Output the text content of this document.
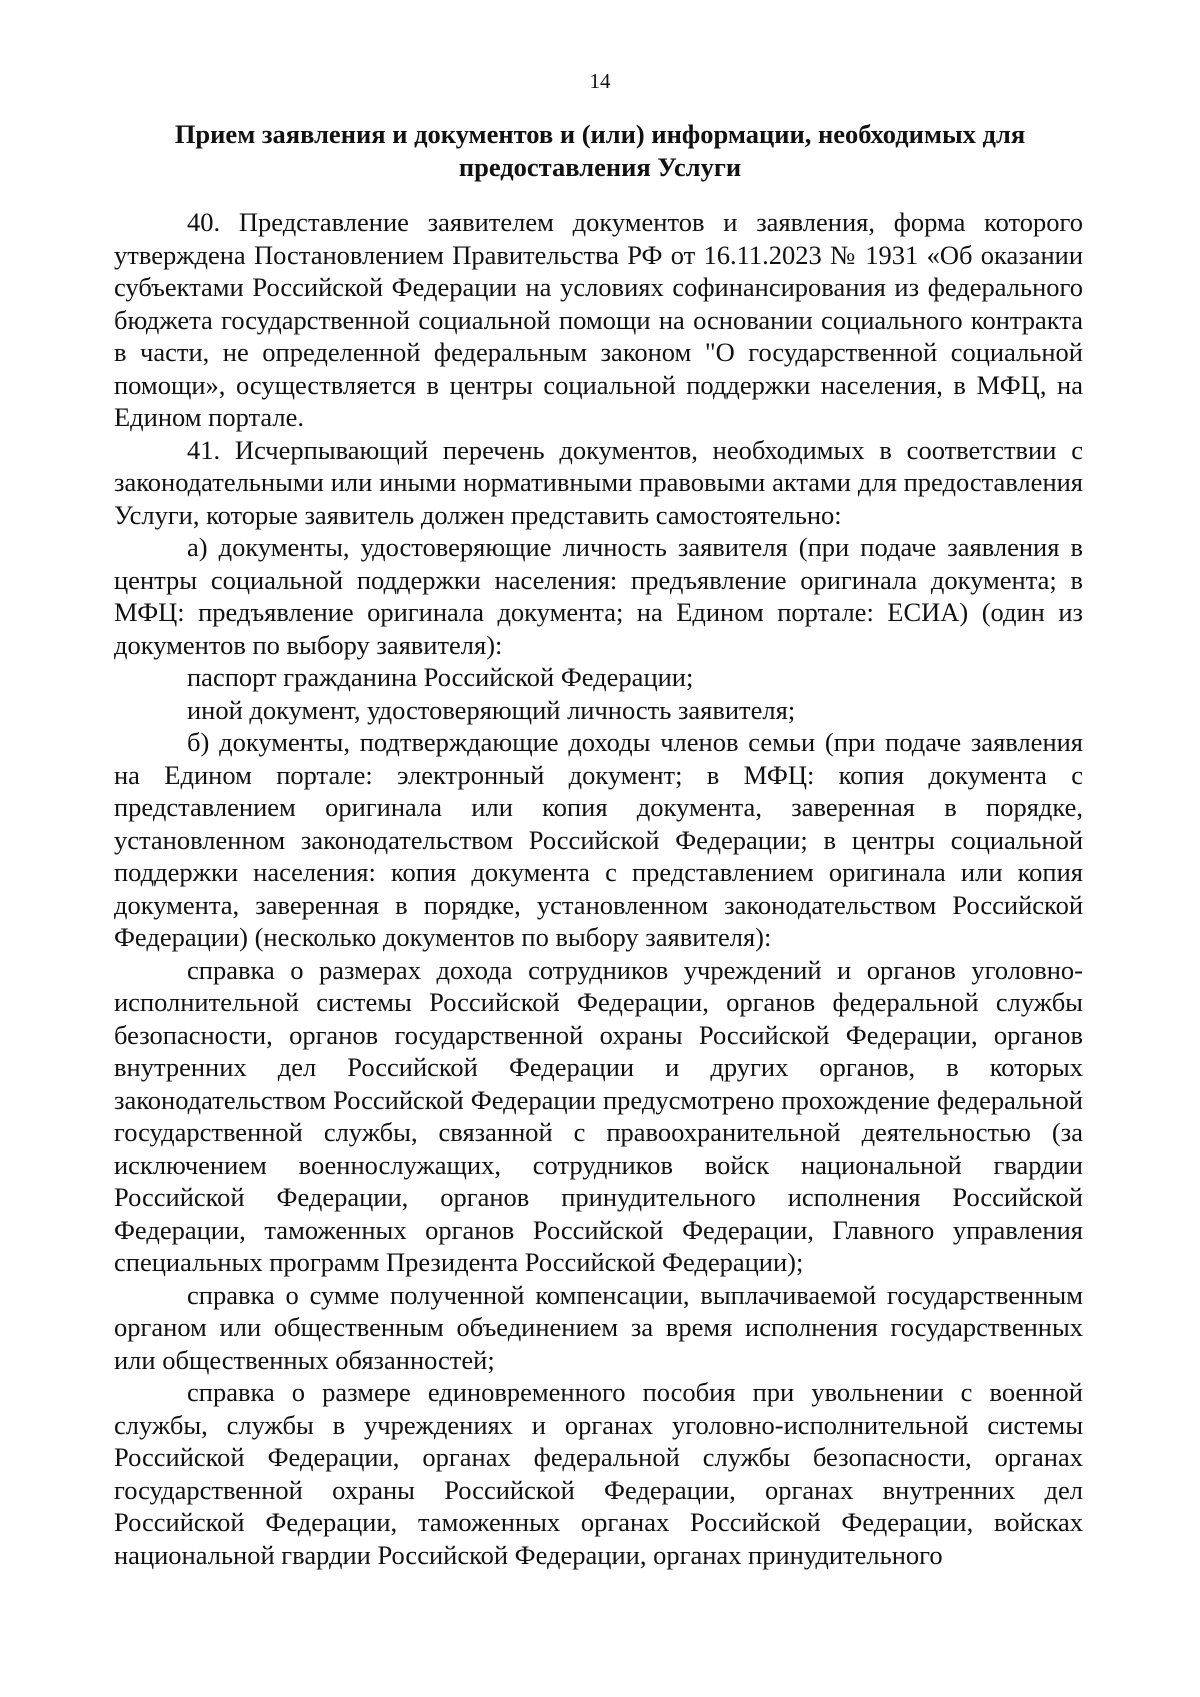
14
Прием заявления и документов и (или) информации, необходимых для
предоставления Услуги

40. Представление заявителем документов и заявления, форма которого утверждена Постановлением Правительства РФ от 16.11.2023 № 1931 «Об оказании субъектами Российской Федерации на условиях софинансирования из федерального бюджета государственной социальной помощи на основании социального контракта в части, не определенной федеральным законом "О государственной социальной помощи», осуществляется в центры социальной поддержки населения, в МФЦ, на Едином портале.

41. Исчерпывающий перечень документов, необходимых в соответствии с законодательными или иными нормативными правовыми актами для предоставления Услуги, которые заявитель должен представить самостоятельно:

а) документы, удостоверяющие личность заявителя (при подаче заявления в центры социальной поддержки населения: предъявление оригинала документа; в МФЦ: предъявление оригинала документа; на Едином портале: ЕСИА) (один из документов по выбору заявителя):

паспорт гражданина Российской Федерации;

иной документ, удостоверяющий личность заявителя;

б) документы, подтверждающие доходы членов семьи (при подаче заявления на Едином портале: электронный документ; в МФЦ: копия документа с представлением оригинала или копия документа, заверенная в порядке, установленном законодательством Российской Федерации; в центры социальной поддержки населения: копия документа с представлением оригинала или копия документа, заверенная в порядке, установленном законодательством Российской Федерации) (несколько документов по выбору заявителя):

справка о размерах дохода сотрудников учреждений и органов уголовно-исполнительной системы Российской Федерации, органов федеральной службы безопасности, органов государственной охраны Российской Федерации, органов внутренних дел Российской Федерации и других органов, в которых законодательством Российской Федерации предусмотрено прохождение федеральной государственной службы, связанной с правоохранительной деятельностью (за исключением военнослужащих, сотрудников войск национальной гвардии Российской Федерации, органов принудительного исполнения Российской Федерации, таможенных органов Российской Федерации, Главного управления специальных программ Президента Российской Федерации);

справка о сумме полученной компенсации, выплачиваемой государственным органом или общественным объединением за время исполнения государственных или общественных обязанностей;

справка о размере единовременного пособия при увольнении с военной службы, службы в учреждениях и органах уголовно-исполнительной системы Российской Федерации, органах федеральной службы безопасности, органах государственной охраны Российской Федерации, органах внутренних дел Российской Федерации, таможенных органах Российской Федерации, войсках национальной гвардии Российской Федерации, органах принудительного
